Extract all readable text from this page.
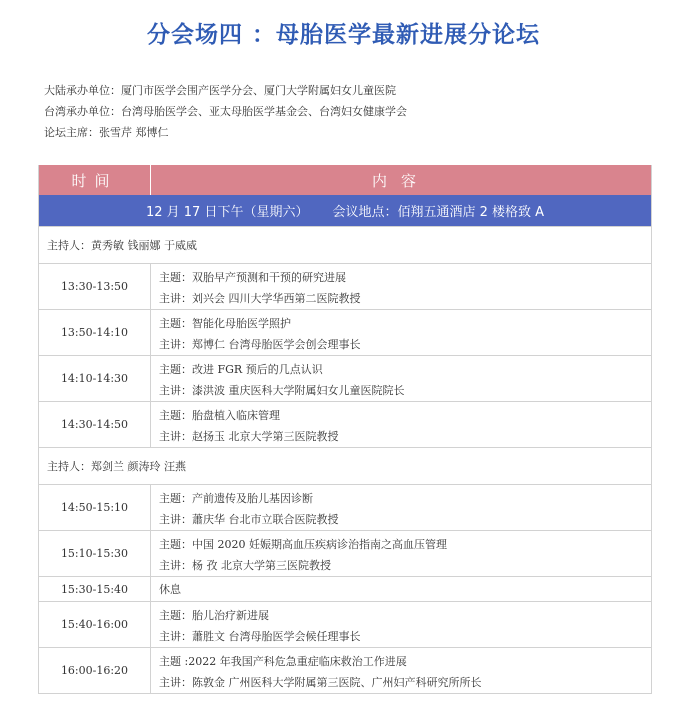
分会场四 ：母胎医学最新进展分论坛
大陆承办单位：厦门市医学会围产医学分会、厦门大学附属妇女儿童医院
台湾承办单位：台湾母胎医学会、亚太母胎医学基金会、台湾妇女健康学会
论坛主席：张雪芹 郑博仁
时间	内容
12 月 17 日下午（星期六） 会议地点：佰翔五通酒店 2 楼格致 A
主持人：黄秀敏 钱丽娜 于威威
13:30-13:50
主题：双胎早产预测和干预的研究进展
主讲：刘兴会 四川大学华西第二医院教授
13:50-14:10
主题：智能化母胎医学照护
主讲：郑博仁 台湾母胎医学会创会理事长
14:10-14:30
主题：改进 FGR 预后的几点认识
主讲：漆洪波 重庆医科大学附属妇女儿童医院院长
14:30-14:50
主题：胎盘植入临床管理
主讲：赵扬玉 北京大学第三医院教授
主持人：郑剑兰 颜涛玲 汪燕
14:50-15:10
主题：产前遗传及胎儿基因诊断
主讲：蕭庆华 台北市立联合医院教授
15:10-15:30
主题：中国 2020 妊娠期高血压疾病诊治指南之高血压管理
主讲：杨 孜 北京大学第三医院教授
15:30-15:40	休息
15:40-16:00
主题：胎儿治疗新进展
主讲：蕭胜文 台湾母胎医学会候任理事长
16:00-16:20
主题 :2022 年我国产科危急重症临床救治工作进展
主讲：陈敦金 广州医科大学附属第三医院、广州妇产科研究所所长
